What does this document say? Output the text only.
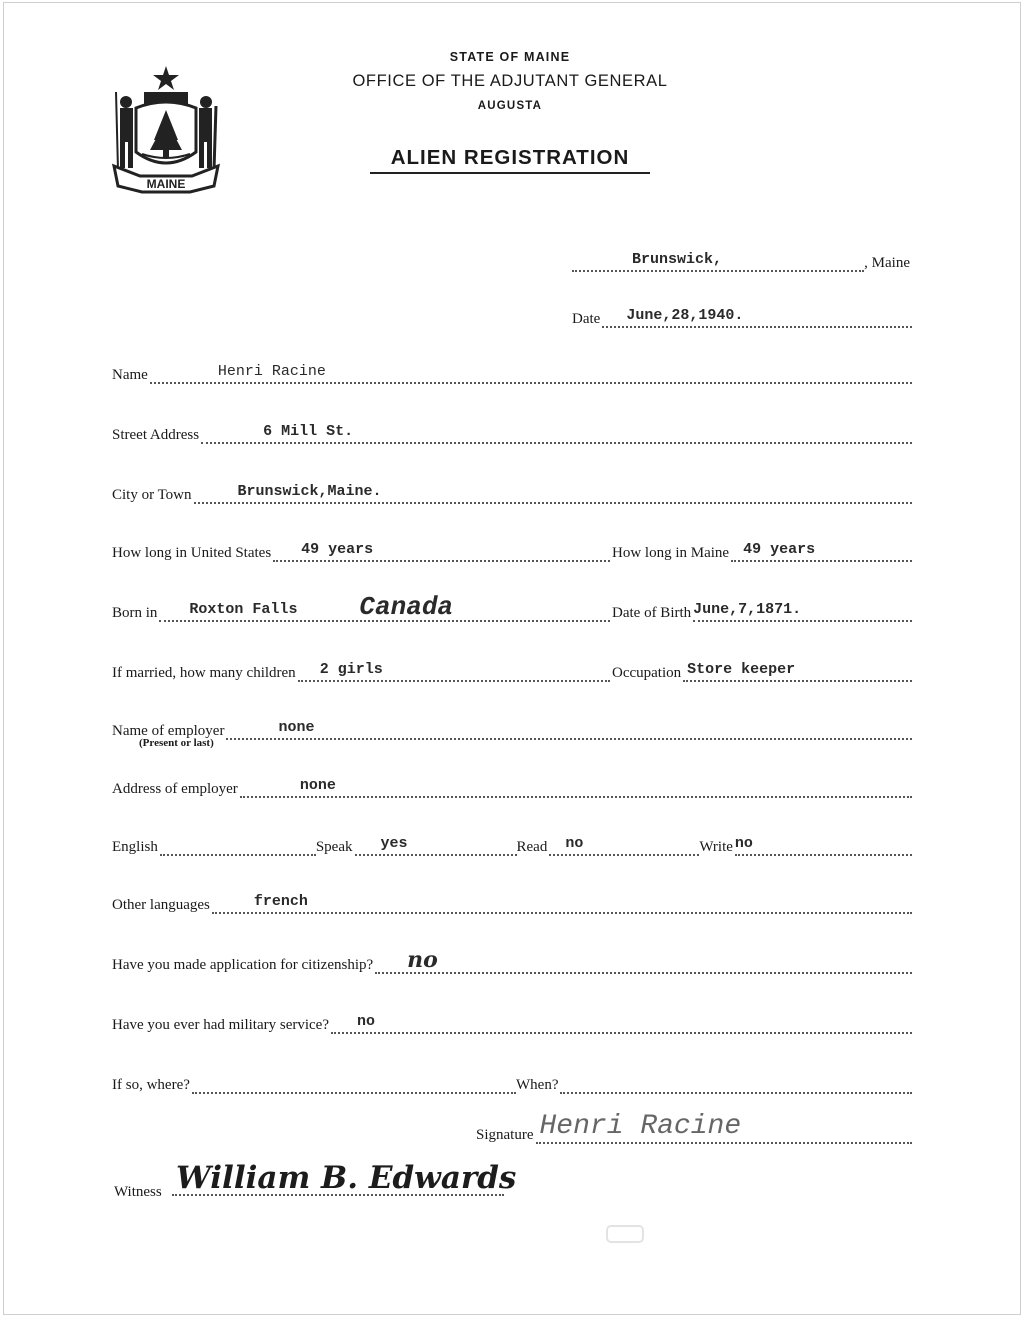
MAINE
STATE OF MAINE
OFFICE OF THE ADJUTANT GENERAL
AUGUSTA
ALIEN REGISTRATION
Brunswick,	, Maine
Date June,28,1940.
Name	Henri Racine
Street Address	6 Mill St.
City or Town	Brunswick,Maine.
How long in United States 49 years	How long in Maine 49 years
Born in Roxton Falls Canada	Date of Birth June,7,1871.
If married, how many children 2 girls	Occupation Store keeper
Name of employer	none
(Present or last)
Address of employer	none
English	Speak yes	Read no	Write no
Other languages	french
Have you made application for citizenship? no
Have you ever had military service? no
If so, where?	When?
Signature Henri Racine
Witness William B. Edwards
